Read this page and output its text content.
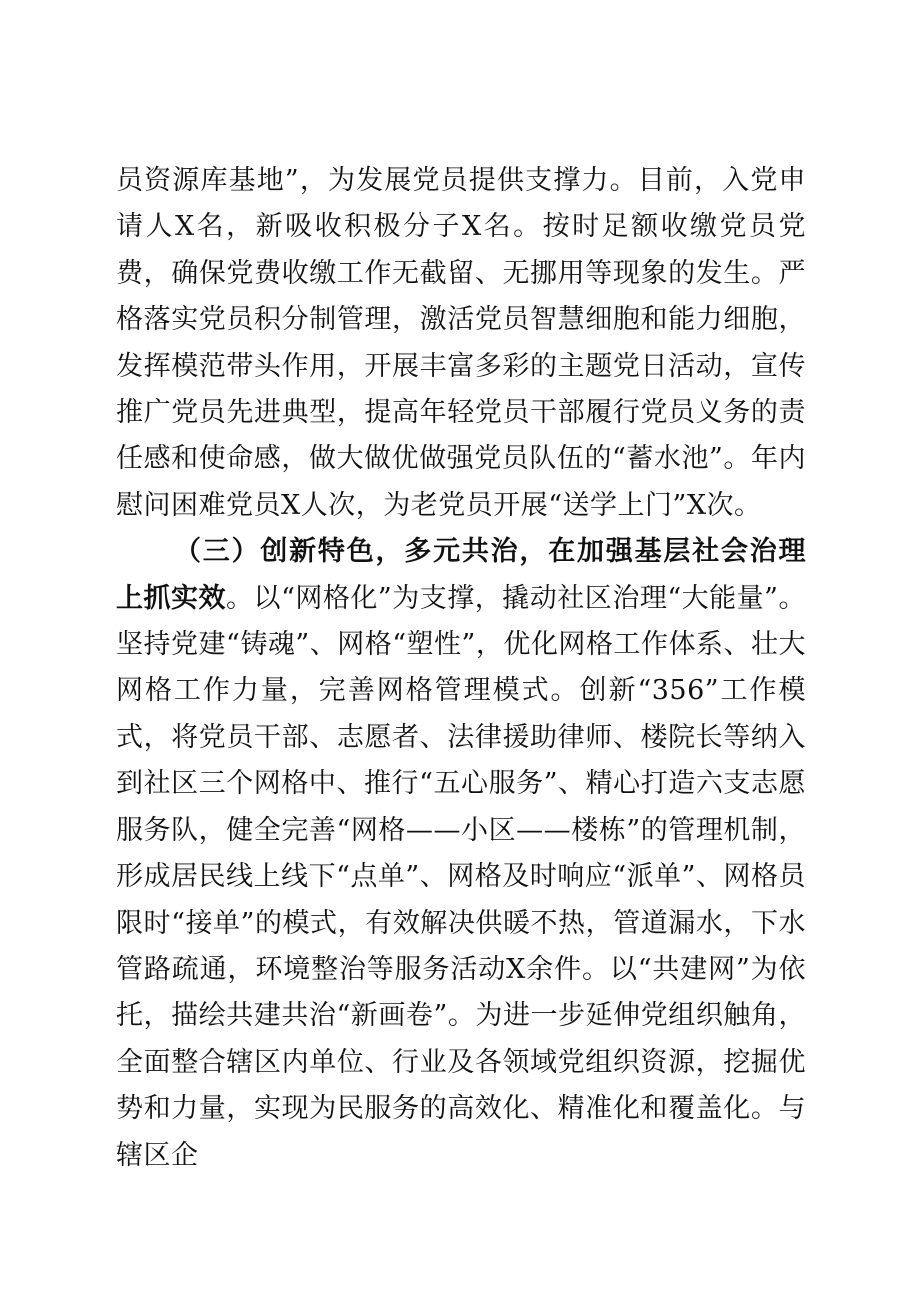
员资源库基地”，为发展党员提供支撑力。目前，入党申请人X名，新吸收积极分子X名。按时足额收缴党员党费，确保党费收缴工作无截留、无挪用等现象的发生。严格落实党员积分制管理，激活党员智慧细胞和能力细胞，发挥模范带头作用，开展丰富多彩的主题党日活动，宣传推广党员先进典型，提高年轻党员干部履行党员义务的责任感和使命感，做大做优做强党员队伍的“蓄水池”。年内慰问困难党员X人次，为老党员开展“送学上门”X次。

（三）创新特色，多元共治，在加强基层社会治理上抓实效。以“网格化”为支撑，撬动社区治理“大能量”。坚持党建“铸魂”、网格“塑性”，优化网格工作体系、壮大网格工作力量，完善网格管理模式。创新“356”工作模式，将党员干部、志愿者、法律援助律师、楼院长等纳入到社区三个网格中、推行“五心服务”、精心打造六支志愿服务队，健全完善“网格——小区——楼栋”的管理机制，形成居民线上线下“点单”、网格及时响应“派单”、网格员限时“接单”的模式，有效解决供暖不热，管道漏水，下水管路疏通，环境整治等服务活动X余件。以“共建网”为依托，描绘共建共治“新画卷”。为进一步延伸党组织触角，全面整合辖区内单位、行业及各领域党组织资源，挖掘优势和力量，实现为民服务的高效化、精准化和覆盖化。与辖区企
